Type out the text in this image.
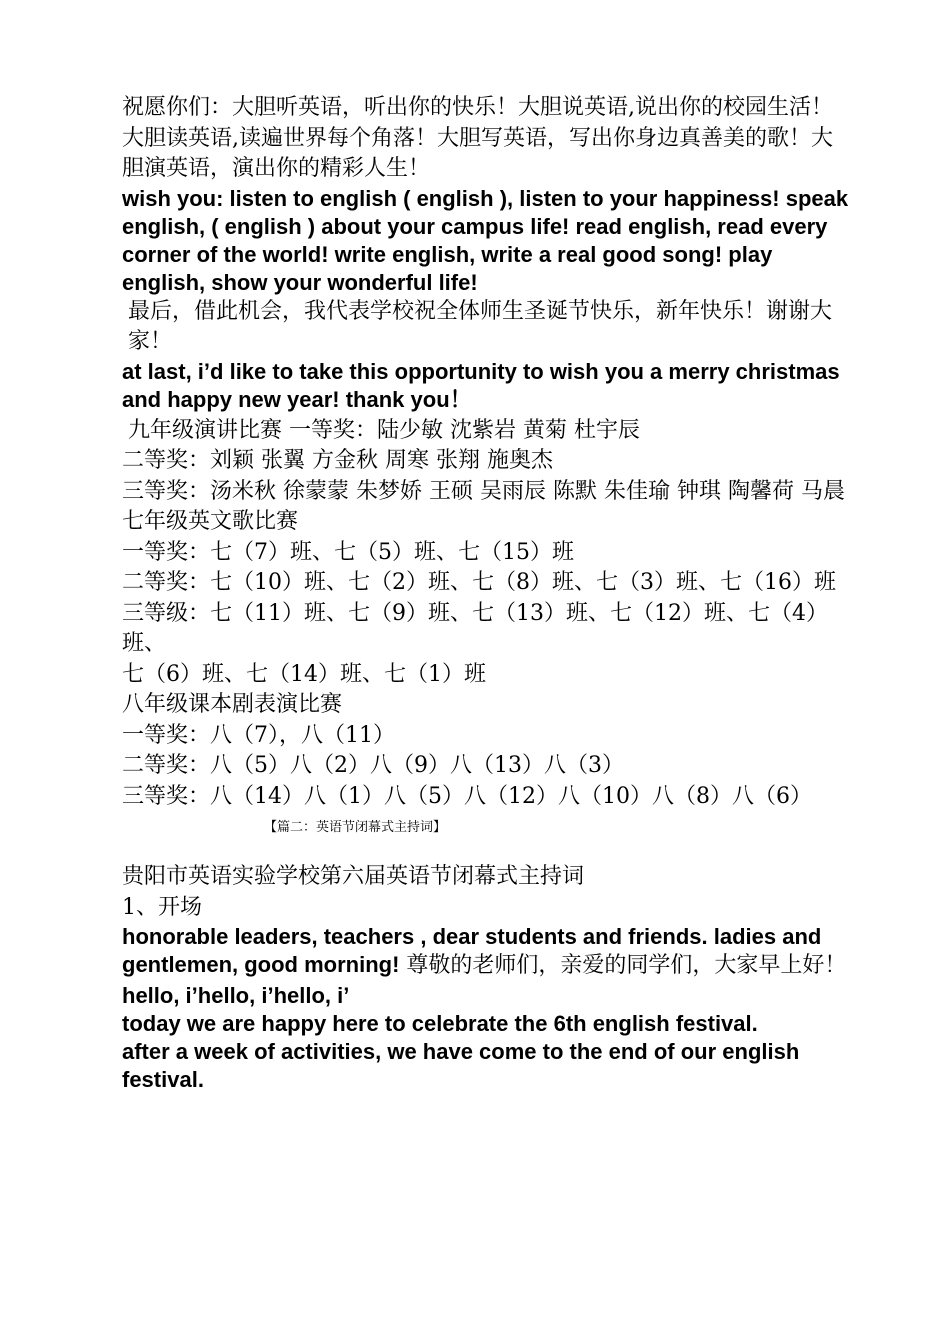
祝愿你们：大胆听英语，听出你的快乐！大胆说英语,说出你的校园生活！ 大胆读英语,读遍世界每个角落！大胆写英语，写出你身边真善美的歌！大胆演英语，演出你的精彩人生！

wish you: listen to english ( english ), listen to your happiness! speak english, ( english ) about your campus life! read english, read every corner of the world! write english, write a real good song! play english, show your wonderful life!

最后，借此机会，我代表学校祝全体师生圣诞节快乐，新年快乐！谢谢大家！

at last, i’d like to take this opportunity to wish you a merry christmas and happy new year! thank you！

九年级演讲比赛 一等奖：陆少敏 沈紫岩 黄菊 杜宇辰

二等奖：刘颖 张翼 方金秋 周寒 张翔 施奥杰

三等奖：汤米秋 徐蒙蒙 朱梦娇 王硕 吴雨辰 陈默 朱佳瑜 钟琪 陶馨荷 马晨

七年级英文歌比赛

一等奖：七（7）班、七（5）班、七（15）班

二等奖：七（10）班、七（2）班、七（8）班、七（3）班、七（16）班

三等级：七（11）班、七（9）班、七（13）班、七（12）班、七（4）班、

七（6）班、七（14）班、七（1）班

八年级课本剧表演比赛

一等奖：八（7），八（11）

二等奖：八（5）八（2）八（9）八（13）八（3）

三等奖：八（14）八（1）八（5）八（12）八（10）八（8）八（6）

【篇二：英语节闭幕式主持词】

贵阳市英语实验学校第六届英语节闭幕式主持词

1、开场

honorable leaders, teachers , dear students and friends. ladies and gentlemen, good morning! 尊敬的老师们，亲爱的同学们，大家早上好！

hello, i’hello, i’hello, i’

today we are happy here to celebrate the 6th english festival.

after a week of activities, we have come to the end of our english festival.
